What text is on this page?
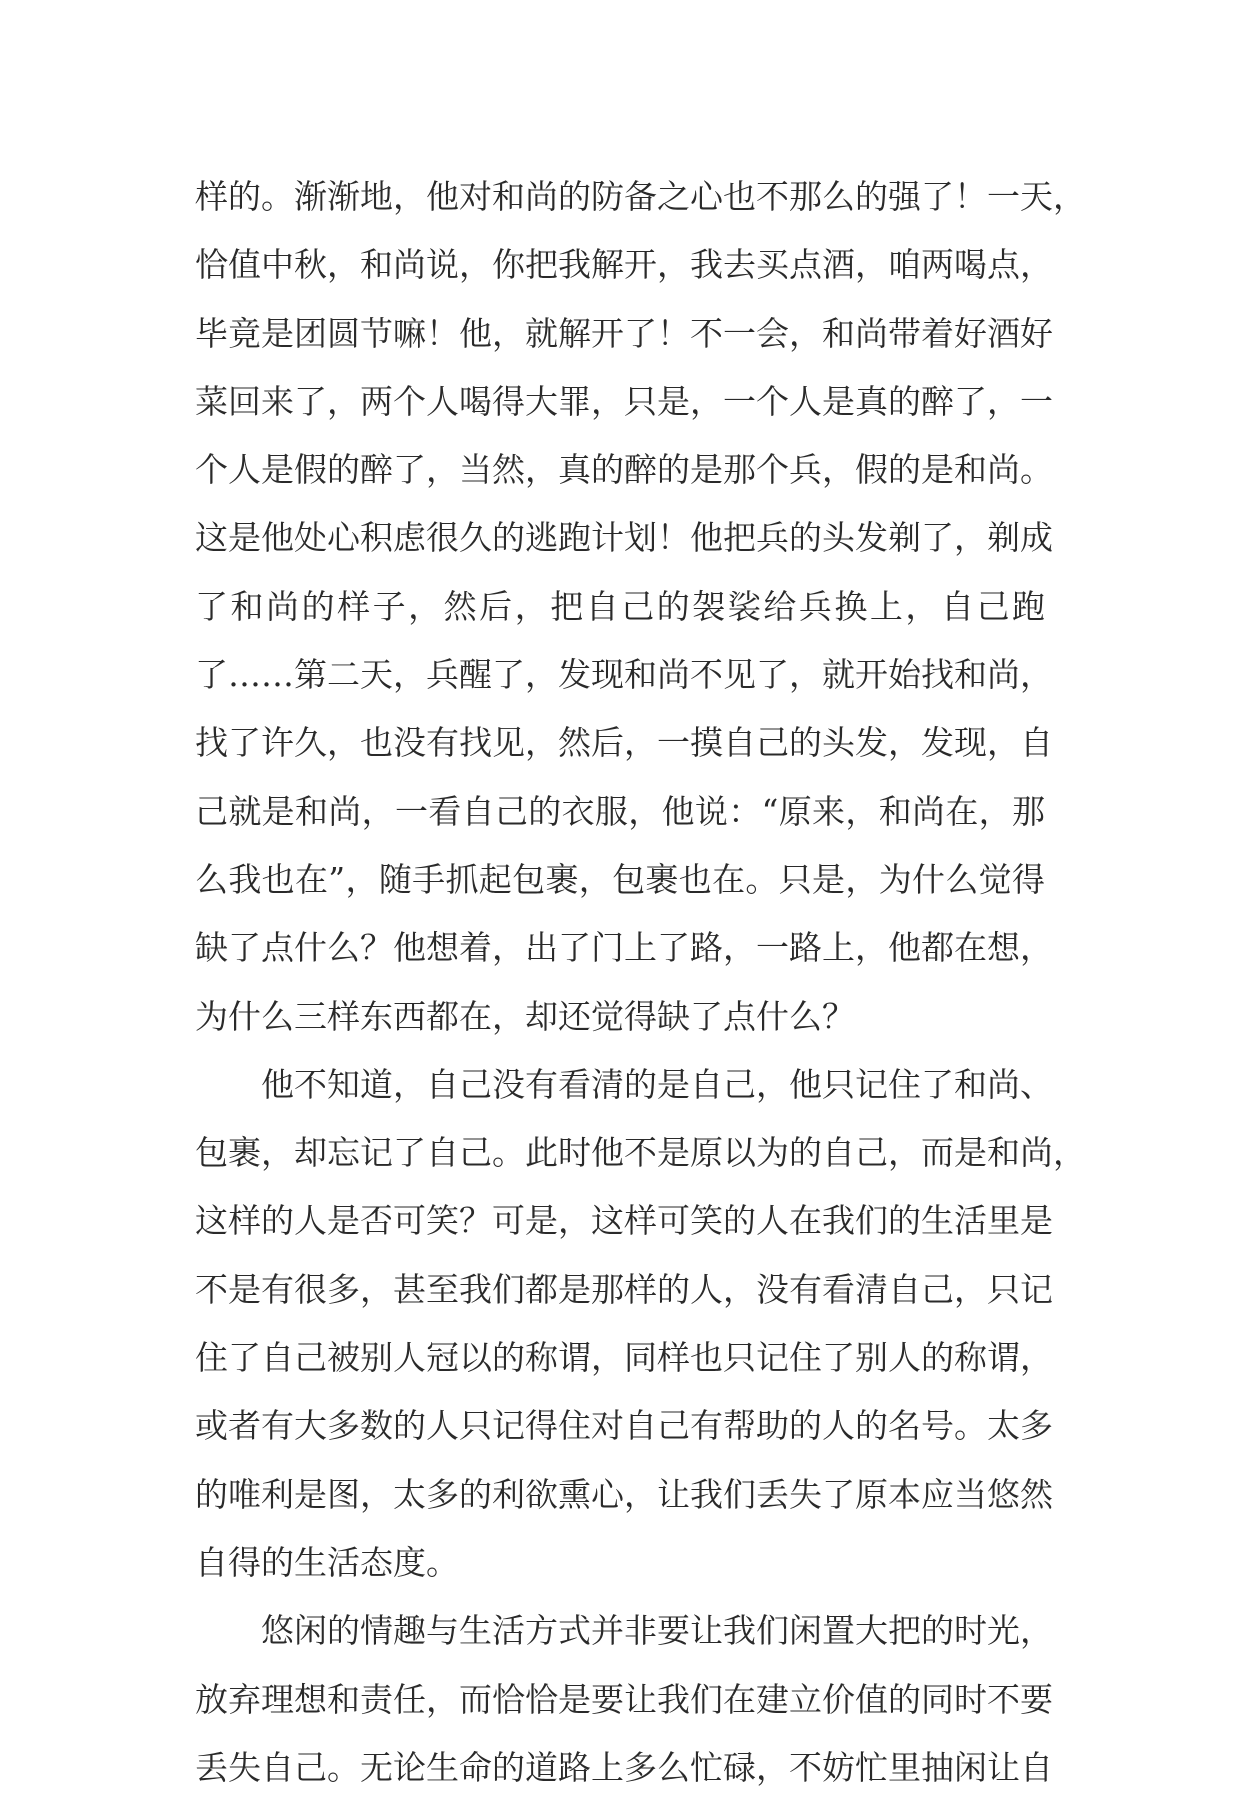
样的。渐渐地，他对和尚的防备之心也不那么的强了！一天，
恰值中秋，和尚说，你把我解开，我去买点酒，咱两喝点，
毕竟是团圆节嘛！他，就解开了！不一会，和尚带着好酒好
菜回来了，两个人喝得大罪，只是，一个人是真的醉了，一
个人是假的醉了，当然，真的醉的是那个兵，假的是和尚。
这是他处心积虑很久的逃跑计划！他把兵的头发剃了，剃成
了和尚的样子，然后，把自己的袈裟给兵换上，自己跑
了……第二天，兵醒了，发现和尚不见了，就开始找和尚，
找了许久，也没有找见，然后，一摸自己的头发，发现，自
己就是和尚，一看自己的衣服，他说：“原来，和尚在，那
么我也在”，随手抓起包裹，包裹也在。只是，为什么觉得
缺了点什么？他想着，出了门上了路，一路上，他都在想，
为什么三样东西都在，却还觉得缺了点什么？
他不知道，自己没有看清的是自己，他只记住了和尚、
包裹，却忘记了自己。此时他不是原以为的自己，而是和尚，
这样的人是否可笑？可是，这样可笑的人在我们的生活里是
不是有很多，甚至我们都是那样的人，没有看清自己，只记
住了自己被别人冠以的称谓，同样也只记住了别人的称谓，
或者有大多数的人只记得住对自己有帮助的人的名号。太多
的唯利是图，太多的利欲熏心，让我们丢失了原本应当悠然
自得的生活态度。
悠闲的情趣与生活方式并非要让我们闲置大把的时光，
放弃理想和责任，而恰恰是要让我们在建立价值的同时不要
丢失自己。无论生命的道路上多么忙碌，不妨忙里抽闲让自
